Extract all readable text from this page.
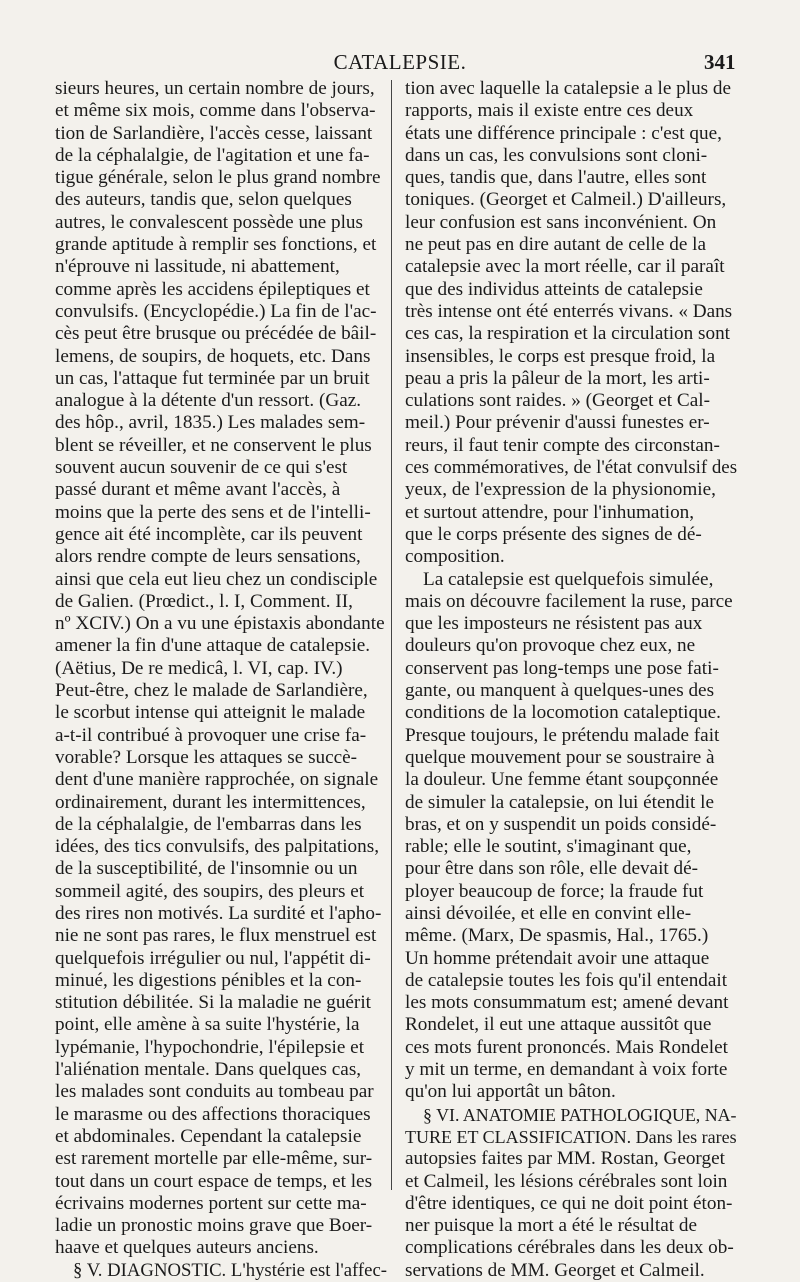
CATALEPSIE.	341
sieurs heures, un certain nombre de jours,
et même six mois, comme dans l'observa-
tion de Sarlandière, l'accès cesse, laissant
de la céphalalgie, de l'agitation et une fa-
tigue générale, selon le plus grand nombre
des auteurs, tandis que, selon quelques
autres, le convalescent possède une plus
grande aptitude à remplir ses fonctions, et
n'éprouve ni lassitude, ni abattement,
comme après les accidens épileptiques et
convulsifs. (Encyclopédie.) La fin de l'ac-
cès peut être brusque ou précédée de bâil-
lemens, de soupirs, de hoquets, etc. Dans
un cas, l'attaque fut terminée par un bruit
analogue à la détente d'un ressort. (Gaz.
des hôp., avril, 1835.) Les malades sem-
blent se réveiller, et ne conservent le plus
souvent aucun souvenir de ce qui s'est
passé durant et même avant l'accès, à
moins que la perte des sens et de l'intelli-
gence ait été incomplète, car ils peuvent
alors rendre compte de leurs sensations,
ainsi que cela eut lieu chez un condisciple
de Galien. (Prœdict., l. I, Comment. II,
nº XCIV.) On a vu une épistaxis abondante
amener la fin d'une attaque de catalepsie.
(Aëtius, De re medicâ, l. VI, cap. IV.)
Peut-être, chez le malade de Sarlandière,
le scorbut intense qui atteignit le malade
a-t-il contribué à provoquer une crise fa-
vorable? Lorsque les attaques se succè-
dent d'une manière rapprochée, on signale
ordinairement, durant les intermittences,
de la céphalalgie, de l'embarras dans les
idées, des tics convulsifs, des palpitations,
de la susceptibilité, de l'insomnie ou un
sommeil agité, des soupirs, des pleurs et
des rires non motivés. La surdité et l'apho-
nie ne sont pas rares, le flux menstruel est
quelquefois irrégulier ou nul, l'appétit di-
minué, les digestions pénibles et la con-
stitution débilitée. Si la maladie ne guérit
point, elle amène à sa suite l'hystérie, la
lypémanie, l'hypochondrie, l'épilepsie et
l'aliénation mentale. Dans quelques cas,
les malades sont conduits au tombeau par
le marasme ou des affections thoraciques
et abdominales. Cependant la catalepsie
est rarement mortelle par elle-même, sur-
tout dans un court espace de temps, et les
écrivains modernes portent sur cette ma-
ladie un pronostic moins grave que Boer-
haave et quelques auteurs anciens.
§ V. DIAGNOSTIC. L'hystérie est l'affec-
tion avec laquelle la catalepsie a le plus de
rapports, mais il existe entre ces deux
états une différence principale : c'est que,
dans un cas, les convulsions sont cloni-
ques, tandis que, dans l'autre, elles sont
toniques. (Georget et Calmeil.) D'ailleurs,
leur confusion est sans inconvénient. On
ne peut pas en dire autant de celle de la
catalepsie avec la mort réelle, car il paraît
que des individus atteints de catalepsie
très intense ont été enterrés vivans. « Dans
ces cas, la respiration et la circulation sont
insensibles, le corps est presque froid, la
peau a pris la pâleur de la mort, les arti-
culations sont raides. » (Georget et Cal-
meil.) Pour prévenir d'aussi funestes er-
reurs, il faut tenir compte des circonstan-
ces commémoratives, de l'état convulsif des
yeux, de l'expression de la physionomie,
et surtout attendre, pour l'inhumation,
que le corps présente des signes de dé-
composition.
La catalepsie est quelquefois simulée,
mais on découvre facilement la ruse, parce
que les imposteurs ne résistent pas aux
douleurs qu'on provoque chez eux, ne
conservent pas long-temps une pose fati-
gante, ou manquent à quelques-unes des
conditions de la locomotion cataleptique.
Presque toujours, le prétendu malade fait
quelque mouvement pour se soustraire à
la douleur. Une femme étant soupçonnée
de simuler la catalepsie, on lui étendit le
bras, et on y suspendit un poids considé-
rable; elle le soutint, s'imaginant que,
pour être dans son rôle, elle devait dé-
ployer beaucoup de force; la fraude fut
ainsi dévoilée, et elle en convint elle-
même. (Marx, De spasmis, Hal., 1765.)
Un homme prétendait avoir une attaque
de catalepsie toutes les fois qu'il entendait
les mots consummatum est; amené devant
Rondelet, il eut une attaque aussitôt que
ces mots furent prononcés. Mais Rondelet
y mit un terme, en demandant à voix forte
qu'on lui apportât un bâton.
§ VI. ANATOMIE PATHOLOGIQUE, NA-
TURE ET CLASSIFICATION. Dans les rares
autopsies faites par MM. Rostan, Georget
et Calmeil, les lésions cérébrales sont loin
d'être identiques, ce qui ne doit point éton-
ner puisque la mort a été le résultat de
complications cérébrales dans les deux ob-
servations de MM. Georget et Calmeil.
